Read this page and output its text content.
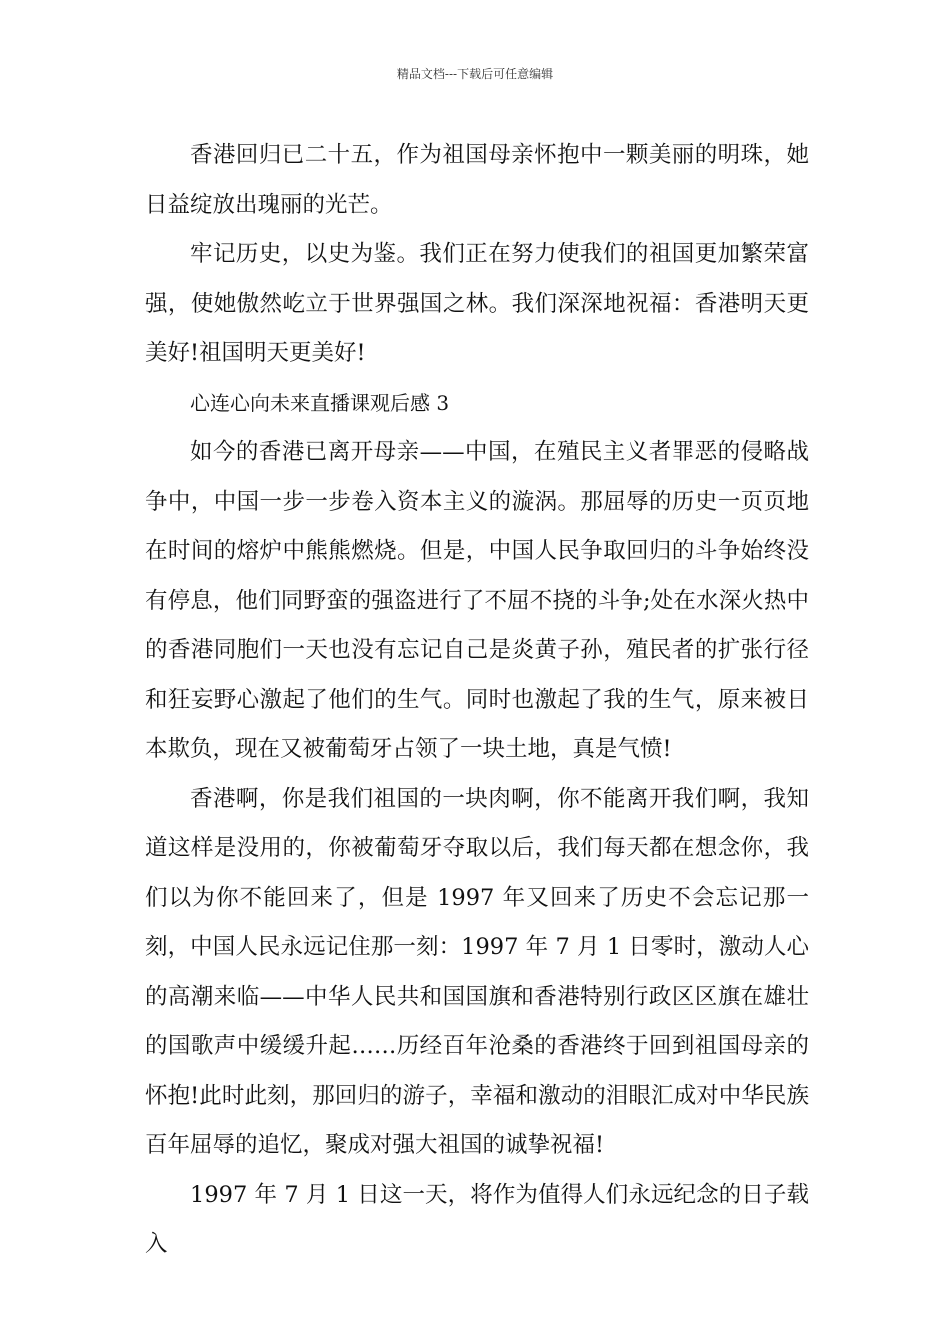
精品文档---下载后可任意编辑

香港回归已二十五，作为祖国母亲怀抱中一颗美丽的明珠，她日益绽放出瑰丽的光芒。

牢记历史，以史为鉴。我们正在努力使我们的祖国更加繁荣富强，使她傲然屹立于世界强国之林。我们深深地祝福：香港明天更美好!祖国明天更美好!

心连心向未来直播课观后感 3

如今的香港已离开母亲——中国，在殖民主义者罪恶的侵略战争中，中国一步一步卷入资本主义的漩涡。那屈辱的历史一页页地在时间的熔炉中熊熊燃烧。但是，中国人民争取回归的斗争始终没有停息，他们同野蛮的强盗进行了不屈不挠的斗争;处在水深火热中的香港同胞们一天也没有忘记自己是炎黄子孙，殖民者的扩张行径和狂妄野心激起了他们的生气。同时也激起了我的生气，原来被日本欺负，现在又被葡萄牙占领了一块土地，真是气愤!

香港啊，你是我们祖国的一块肉啊，你不能离开我们啊，我知道这样是没用的，你被葡萄牙夺取以后，我们每天都在想念你，我们以为你不能回来了，但是 1997 年又回来了历史不会忘记那一刻，中国人民永远记住那一刻：1997 年 7 月 1 日零时，激动人心的高潮来临——中华人民共和国国旗和香港特别行政区区旗在雄壮的国歌声中缓缓升起……历经百年沧桑的香港终于回到祖国母亲的怀抱!此时此刻，那回归的游子，幸福和激动的泪眼汇成对中华民族百年屈辱的追忆，聚成对强大祖国的诚挚祝福!

1997 年 7 月 1 日这一天，将作为值得人们永远纪念的日子载入
